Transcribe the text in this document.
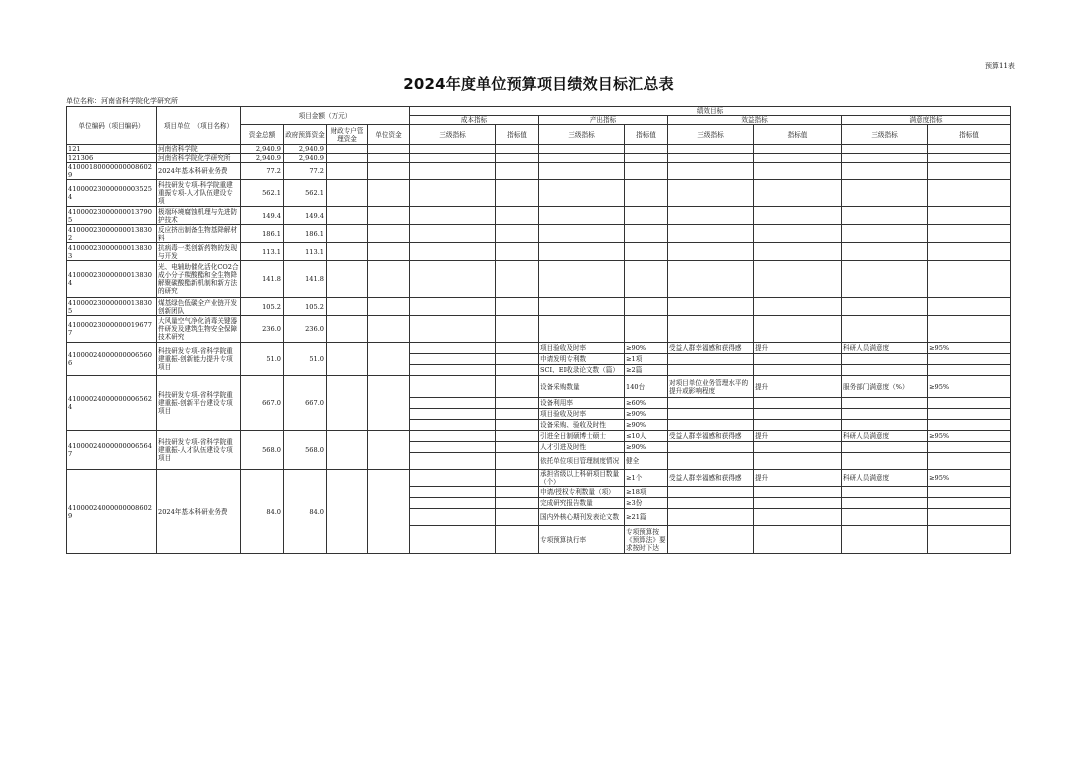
预算11表
2024年度单位预算项目绩效目标汇总表
单位名称：河南省科学院化学研究所
单位编码（项目编码）	项目单位　（项目名称）	项目金额（万元）				绩效目标							
						成本指标		产出指标		效益指标		满意度指标	
		资金总额	政府预算资金	财政专户管理资金	单位资金	三级指标	指标值	三级指标	指标值	三级指标	指标值	三级指标	指标值
121	河南省科学院	2,940.9	2,940.9										
121306	河南省科学院化学研究所	2,940.9	2,940.9										
410001800000000086029	2024年基本科研业务费	77.2	77.2										
410000230000000035254	科技研发专项-科学院重建重振专项-人才队伍建设专项	562.1	562.1										
410000230000000137905	极端环境腐蚀机理与先进防护技术	149.4	149.4										
410000230000000138302	反应挤出制备生物基降解材料	186.1	186.1										
410000230000000138303	抗病毒一类创新药物的发现与开发	113.1	113.1										
410000230000000138304	光、电辅助催化活化CO2合成小分子羰酸酯和全生物降解聚碳酸酯新机制和新方法的研究	141.8	141.8										
410000230000000138305	煤基绿色低碳全产业链开发创新团队	105.2	105.2										
410000230000000196777	大风量空气净化消毒关键器件研发及建筑生物安全保障技术研究	236.0	236.0										
410000240000000065606	科技研发专项-省科学院重建重振-创新能力提升专项项目	51.0	51.0					项目验收及时率	≥90%	受益人群幸福感和获得感	提升	科研人员满意度	≥95%
								申请发明专利数	≥1项				
								SCI、EI收录论文数（篇）	≥2篇				
410000240000000065624	科技研发专项-省科学院重建重振-创新平台建设专项项目	667.0	667.0					设备采购数量	140台	对项目单位业务管理水平的提升或影响程度	提升	服务部门满意度（%）	≥95%
								设备利用率	≥60%				
								项目验收及时率	≥90%				
								设备采购、验收及时性	≥90%				
410000240000000065647	科技研发专项-省科学院重建重振-人才队伍建设专项项目	568.0	568.0					引进全日制硕博士硕士	≤10人	受益人群幸福感和获得感	提升	科研人员满意度	≥95%
								人才引进及时性	≥90%				
								依托单位项目管理制度情况	健全				
410000240000000086029	2024年基本科研业务费	84.0	84.0					承担省级以上科研项目数量（个）	≥1个	受益人群幸福感和获得感	提升	科研人员满意度	≥95%
								申请/授权专利数量（项）	≥18项				
								完成研究报告数量	≥3份				
								国内外核心期刊发表论文数	≥21篇				
								专项预算执行率	专项预算按《预算法》要求按时下达				
